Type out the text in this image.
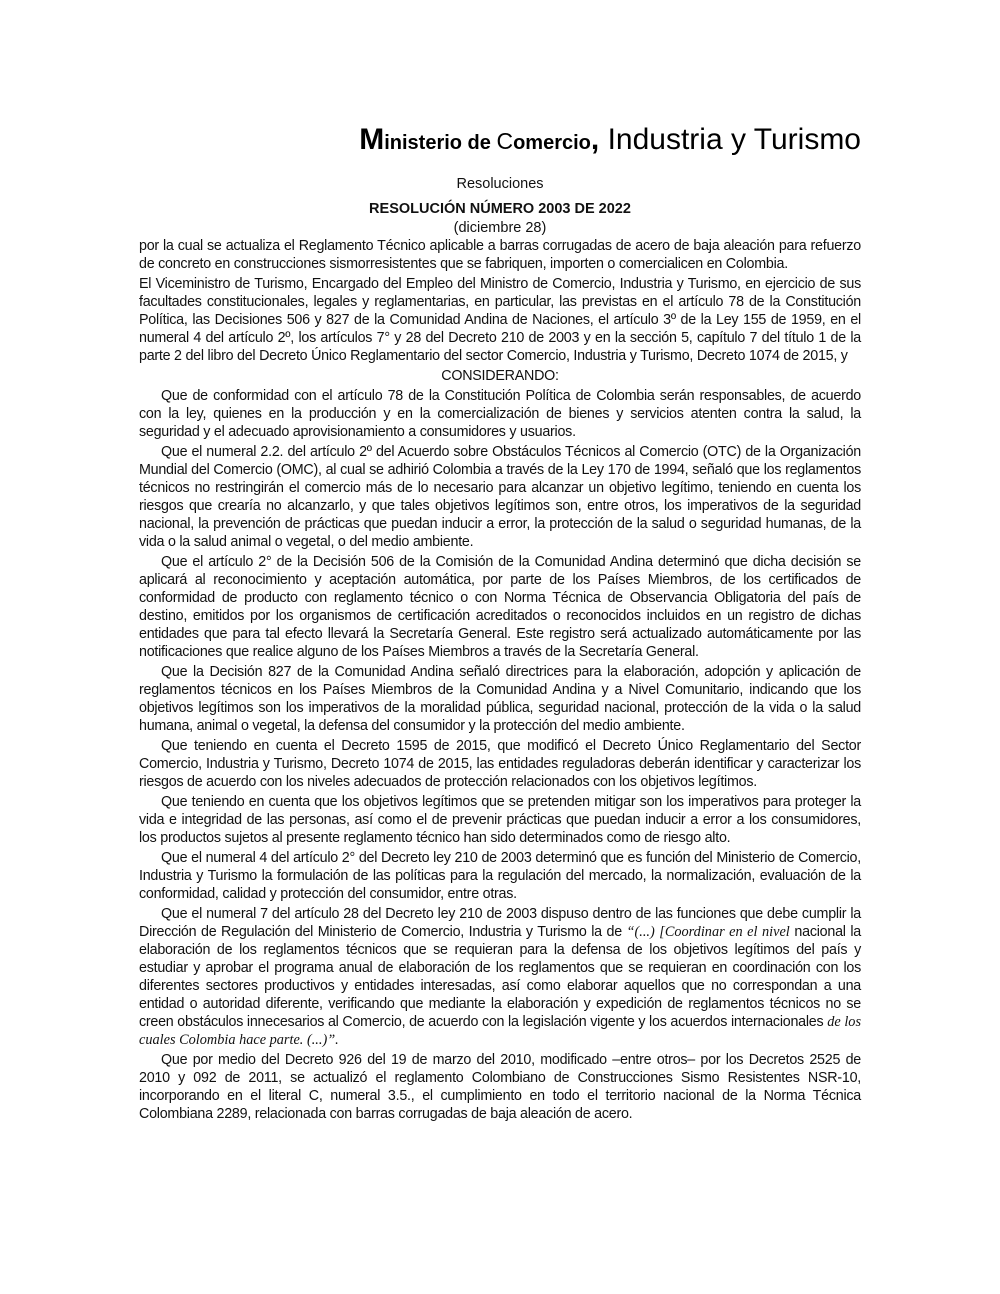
Ministerio de Comercio, Industria y Turismo
Resoluciones
RESOLUCIÓN NÚMERO 2003 DE 2022
(diciembre 28)

por la cual se actualiza el Reglamento Técnico aplicable a barras corrugadas de acero de baja aleación para refuerzo de concreto en construcciones sismorresistentes que se fabriquen, importen o comercialicen en Colombia.

El Viceministro de Turismo, Encargado del Empleo del Ministro de Comercio, Industria y Turismo, en ejercicio de sus facultades constitucionales, legales y reglamentarias, en particular, las previstas en el artículo 78 de la Constitución Política, las Decisiones 506 y 827 de la Comunidad Andina de Naciones, el artículo 3º de la Ley 155 de 1959, en el numeral 4 del artículo 2º, los artículos 7° y 28 del Decreto 210 de 2003 y en la sección 5, capítulo 7 del título 1 de la parte 2 del libro del Decreto Único Reglamentario del sector Comercio, Industria y Turismo, Decreto 1074 de 2015, y

CONSIDERANDO:

Que de conformidad con el artículo 78 de la Constitución Política de Colombia serán responsables, de acuerdo con la ley, quienes en la producción y en la comercialización de bienes y servicios atenten contra la salud, la seguridad y el adecuado aprovisionamiento a consumidores y usuarios.

Que el numeral 2.2. del artículo 2º del Acuerdo sobre Obstáculos Técnicos al Comercio (OTC) de la Organización Mundial del Comercio (OMC), al cual se adhirió Colombia a través de la Ley 170 de 1994, señaló que los reglamentos técnicos no restringirán el comercio más de lo necesario para alcanzar un objetivo legítimo, teniendo en cuenta los riesgos que crearía no alcanzarlo, y que tales objetivos legítimos son, entre otros, los imperativos de la seguridad nacional, la prevención de prácticas que puedan inducir a error, la protección de la salud o seguridad humanas, de la vida o la salud animal o vegetal, o del medio ambiente.

Que el artículo 2° de la Decisión 506 de la Comisión de la Comunidad Andina determinó que dicha decisión se aplicará al reconocimiento y aceptación automática, por parte de los Países Miembros, de los certificados de conformidad de producto con reglamento técnico o con Norma Técnica de Observancia Obligatoria del país de destino, emitidos por los organismos de certificación acreditados o reconocidos incluidos en un registro de dichas entidades que para tal efecto llevará la Secretaría General. Este registro será actualizado automáticamente por las notificaciones que realice alguno de los Países Miembros a través de la Secretaría General.

Que la Decisión 827 de la Comunidad Andina señaló directrices para la elaboración, adopción y aplicación de reglamentos técnicos en los Países Miembros de la Comunidad Andina y a Nivel Comunitario, indicando que los objetivos legítimos son los imperativos de la moralidad pública, seguridad nacional, protección de la vida o la salud humana, animal o vegetal, la defensa del consumidor y la protección del medio ambiente.

Que teniendo en cuenta el Decreto 1595 de 2015, que modificó el Decreto Único Reglamentario del Sector Comercio, Industria y Turismo, Decreto 1074 de 2015, las entidades reguladoras deberán identificar y caracterizar los riesgos de acuerdo con los niveles adecuados de protección relacionados con los objetivos legítimos.

Que teniendo en cuenta que los objetivos legítimos que se pretenden mitigar son los imperativos para proteger la vida e integridad de las personas, así como el de prevenir prácticas que puedan inducir a error a los consumidores, los productos sujetos al presente reglamento técnico han sido determinados como de riesgo alto.

Que el numeral 4 del artículo 2° del Decreto ley 210 de 2003 determinó que es función del Ministerio de Comercio, Industria y Turismo la formulación de las políticas para la regulación del mercado, la normalización, evaluación de la conformidad, calidad y protección del consumidor, entre otras.

Que el numeral 7 del artículo 28 del Decreto ley 210 de 2003 dispuso dentro de las funciones que debe cumplir la Dirección de Regulación del Ministerio de Comercio, Industria y Turismo la de “(...) [Coordinar en el nivel nacional la elaboración de los reglamentos técnicos que se requieran para la defensa de los objetivos legítimos del país y estudiar y aprobar el programa anual de elaboración de los reglamentos que se requieran en coordinación con los diferentes sectores productivos y entidades interesadas, así como elaborar aquellos que no correspondan a una entidad o autoridad diferente, verificando que mediante la elaboración y expedición de reglamentos técnicos no se creen obstáculos innecesarios al Comercio, de acuerdo con la legislación vigente y los acuerdos internacionales de los cuales Colombia hace parte. (...)”.

Que por medio del Decreto 926 del 19 de marzo del 2010, modificado –entre otros– por los Decretos 2525 de 2010 y 092 de 2011, se actualizó el reglamento Colombiano de Construcciones Sismo Resistentes NSR-10, incorporando en el literal C, numeral 3.5., el cumplimiento en todo el territorio nacional de la Norma Técnica Colombiana 2289, relacionada con barras corrugadas de baja aleación de acero.
